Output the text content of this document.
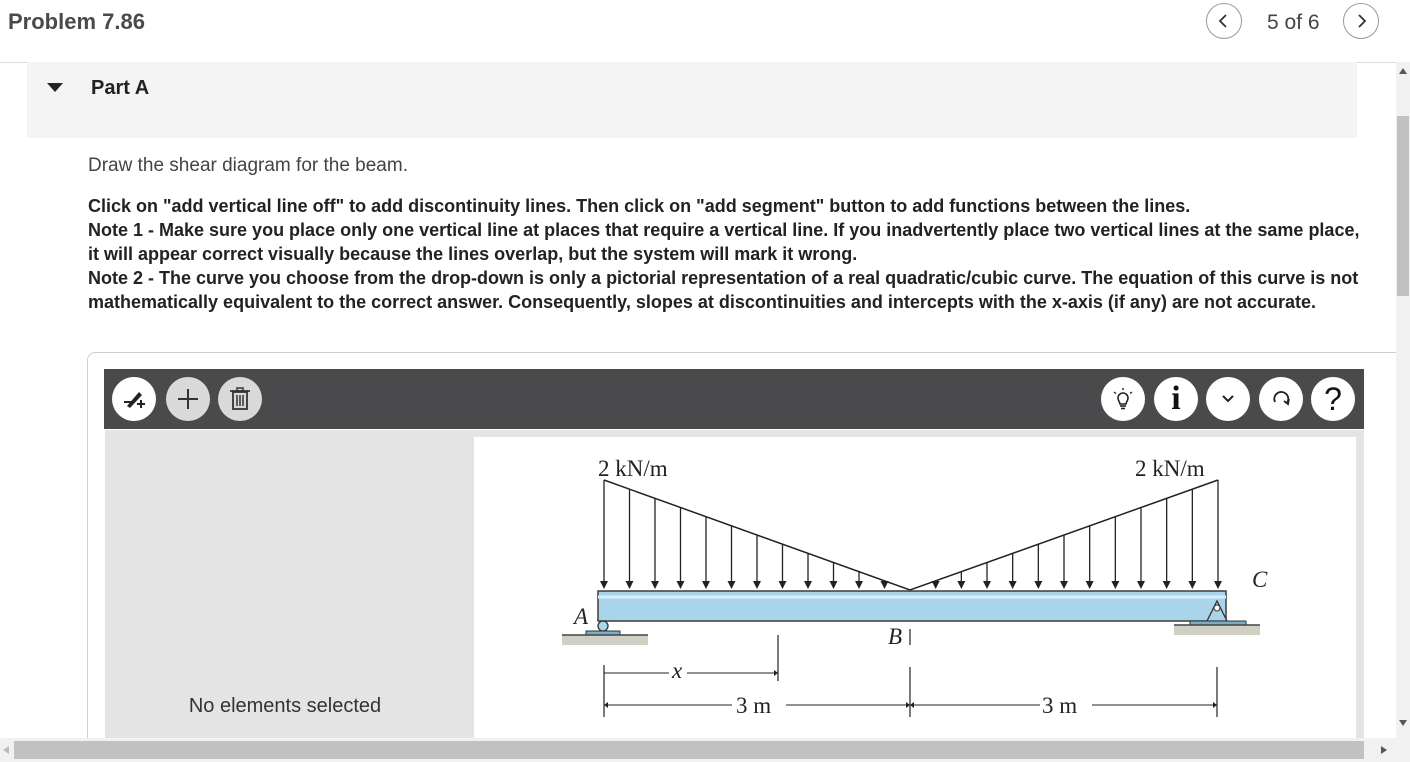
Problem 7.86	5 of 6
Part A
Draw the shear diagram for the beam.

Click on "add vertical line off" to add discontinuity lines. Then click on "add segment" button to add functions between the lines.

Note 1 - Make sure you place only one vertical line at places that require a vertical line. If you inadvertently place two vertical lines at the same place, it will appear correct visually because the lines overlap, but the system will mark it wrong.

Note 2 - The curve you choose from the drop-down is only a pictorial representation of a real quadratic/cubic curve. The equation of this curve is not mathematically equivalent to the correct answer. Consequently, slopes at discontinuities and intercepts with the x-axis (if any) are not accurate.

i	?
No elements selected
2 kN/m	2 kN/m
A
B
C
x
3 m	3 m
